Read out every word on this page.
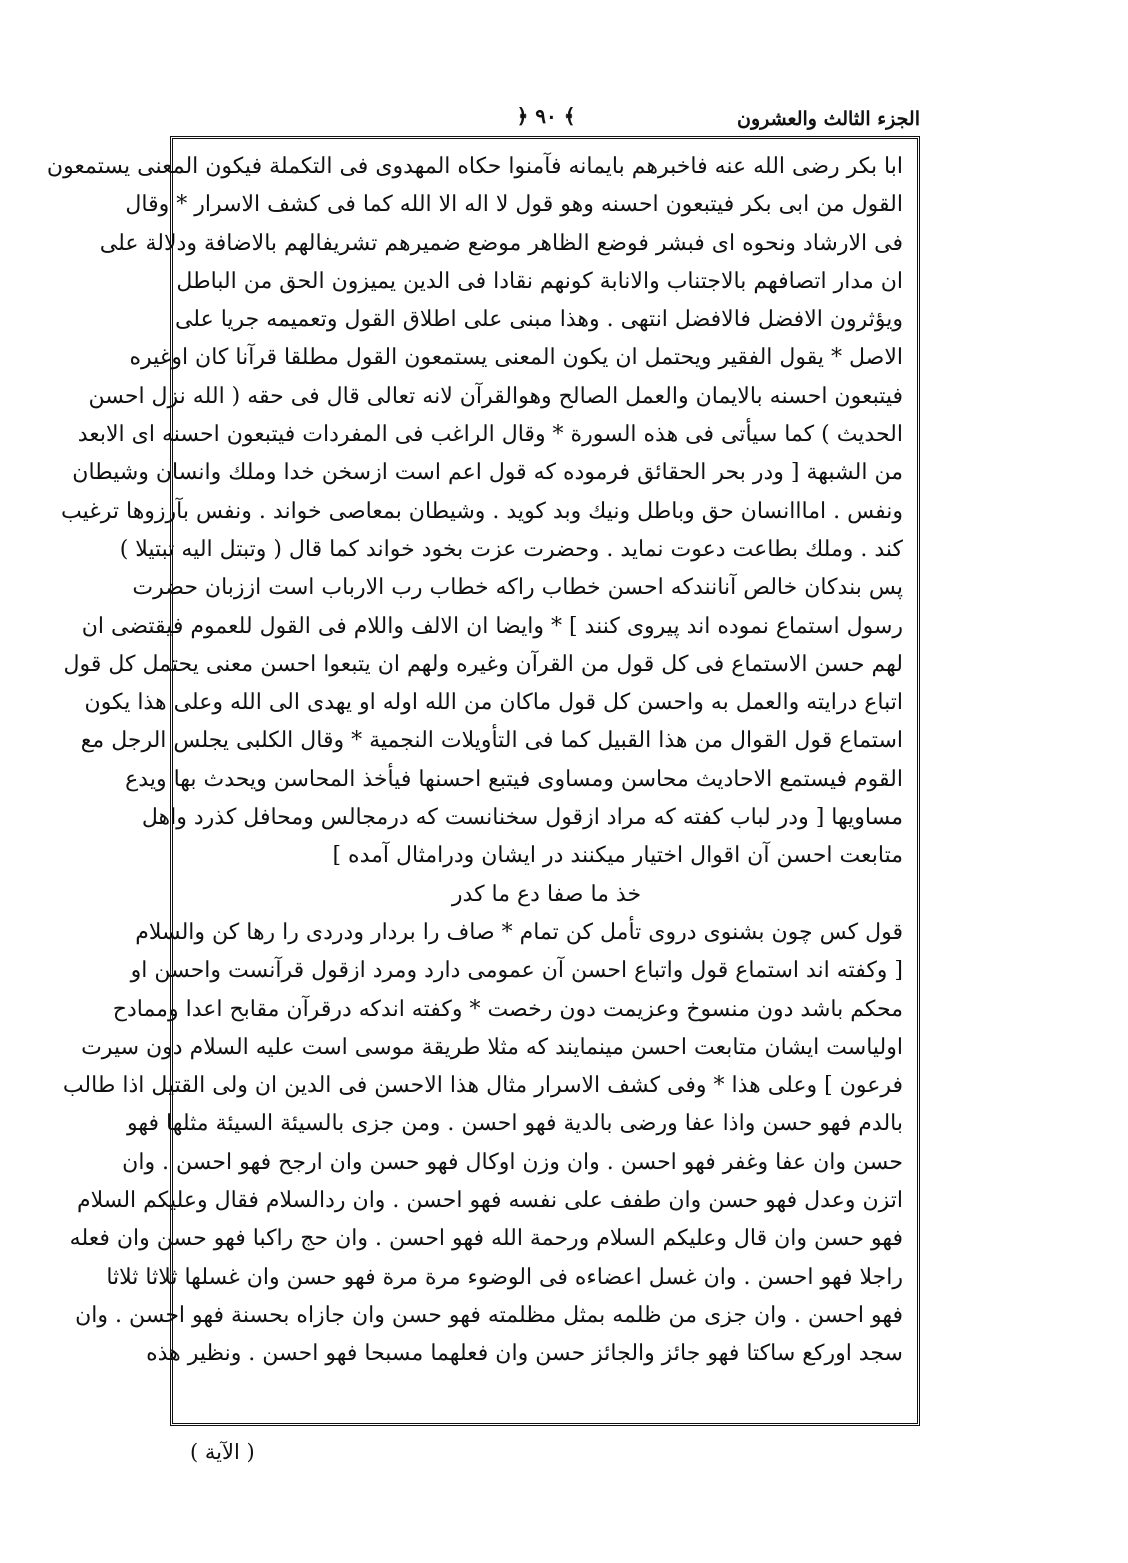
الجزء الثالث والعشرون
﴿ ٩٠ ﴾
ابا بكر رضى الله عنه فاخبرهم بايمانه فآمنوا حكاه المهدوى فى التكملة فيكون المعنى يستمعون
القول من ابى بكر فيتبعون احسنه وهو قول لا اله الا الله كما فى كشف الاسرار * وقال
فى الارشاد ونحوه اى فبشر فوضع الظاهر موضع ضميرهم تشريفالهم بالاضافة ودلالة على
ان مدار اتصافهم بالاجتناب والانابة كونهم نقادا فى الدين يميزون الحق من الباطل
ويؤثرون الافضل فالافضل انتهى . وهذا مبنى على اطلاق القول وتعميمه جريا على
الاصل * يقول الفقير ويحتمل ان يكون المعنى يستمعون القول مطلقا قرآنا كان اوغيره
فيتبعون احسنه بالايمان والعمل الصالح وهوالقرآن لانه تعالى قال فى حقه ( الله نزل احسن
الحديث ) كما سيأتى فى هذه السورة * وقال الراغب فى المفردات فيتبعون احسنه اى الابعد
من الشبهة [ ودر بحر الحقائق فرموده كه قول اعم است ازسخن خدا وملك وانسان وشيطان
ونفس . امااانسان حق وباطل ونيك وبد كويد . وشيطان بمعاصى خواند . ونفس بآرزوها ترغيب
كند . وملك بطاعت دعوت نمايد . وحضرت عزت بخود خواند كما قال ( وتبتل اليه تبتيلا )
پس بندكان خالص آنانندكه احسن خطاب راكه خطاب رب الارباب است اززبان حضرت
رسول استماع نموده اند پيروى كنند ] * وايضا ان الالف واللام فى القول للعموم فيقتضى ان
لهم حسن الاستماع فى كل قول من القرآن وغيره ولهم ان يتبعوا احسن معنى يحتمل كل قول
اتباع درايته والعمل به واحسن كل قول ماكان من الله اوله او يهدى الى الله وعلى هذا يكون
استماع قول القوال من هذا القبيل كما فى التأويلات النجمية * وقال الكلبى يجلس الرجل مع
القوم فيستمع الاحاديث محاسن ومساوى فيتبع احسنها فيأخذ المحاسن ويحدث بها ويدع
مساويها [ ودر لباب كفته كه مراد ازقول سخنانست كه درمجالس ومحافل كذرد واهل
متابعت احسن آن اقوال اختيار ميكنند در ايشان ودرامثال آمده ]
خذ ما صفا دع ما كدر
قول كس چون بشنوى دروى تأمل كن تمام * صاف را بردار ودردى را رها كن والسلام
[ وكفته اند استماع قول واتباع احسن آن عمومى دارد ومرد ازقول قرآنست واحسن او
محكم باشد دون منسوخ وعزيمت دون رخصت * وكفته اندكه درقرآن مقابح اعدا وممادح
اولياست ايشان متابعت احسن مينمايند كه مثلا طريقة موسى است عليه السلام دون سيرت
فرعون ] وعلى هذا * وفى كشف الاسرار مثال هذا الاحسن فى الدين ان ولى القتيل اذا طالب
بالدم فهو حسن واذا عفا ورضى بالدية فهو احسن . ومن جزى بالسيئة السيئة مثلها فهو
حسن وان عفا وغفر فهو احسن . وان وزن اوكال فهو حسن وان ارجح فهو احسن . وان
اتزن وعدل فهو حسن وان طفف على نفسه فهو احسن . وان ردالسلام فقال وعليكم السلام
فهو حسن وان قال وعليكم السلام ورحمة الله فهو احسن . وان حج راكبا فهو حسن وان فعله
راجلا فهو احسن . وان غسل اعضاءه فى الوضوء مرة مرة فهو حسن وان غسلها ثلاثا ثلاثا
فهو احسن . وان جزى من ظلمه بمثل مظلمته فهو حسن وان جازاه بحسنة فهو احسن . وان
سجد اوركع ساكتا فهو جائز والجائز حسن وان فعلهما مسبحا فهو احسن . ونظير هذه
( الآية )
